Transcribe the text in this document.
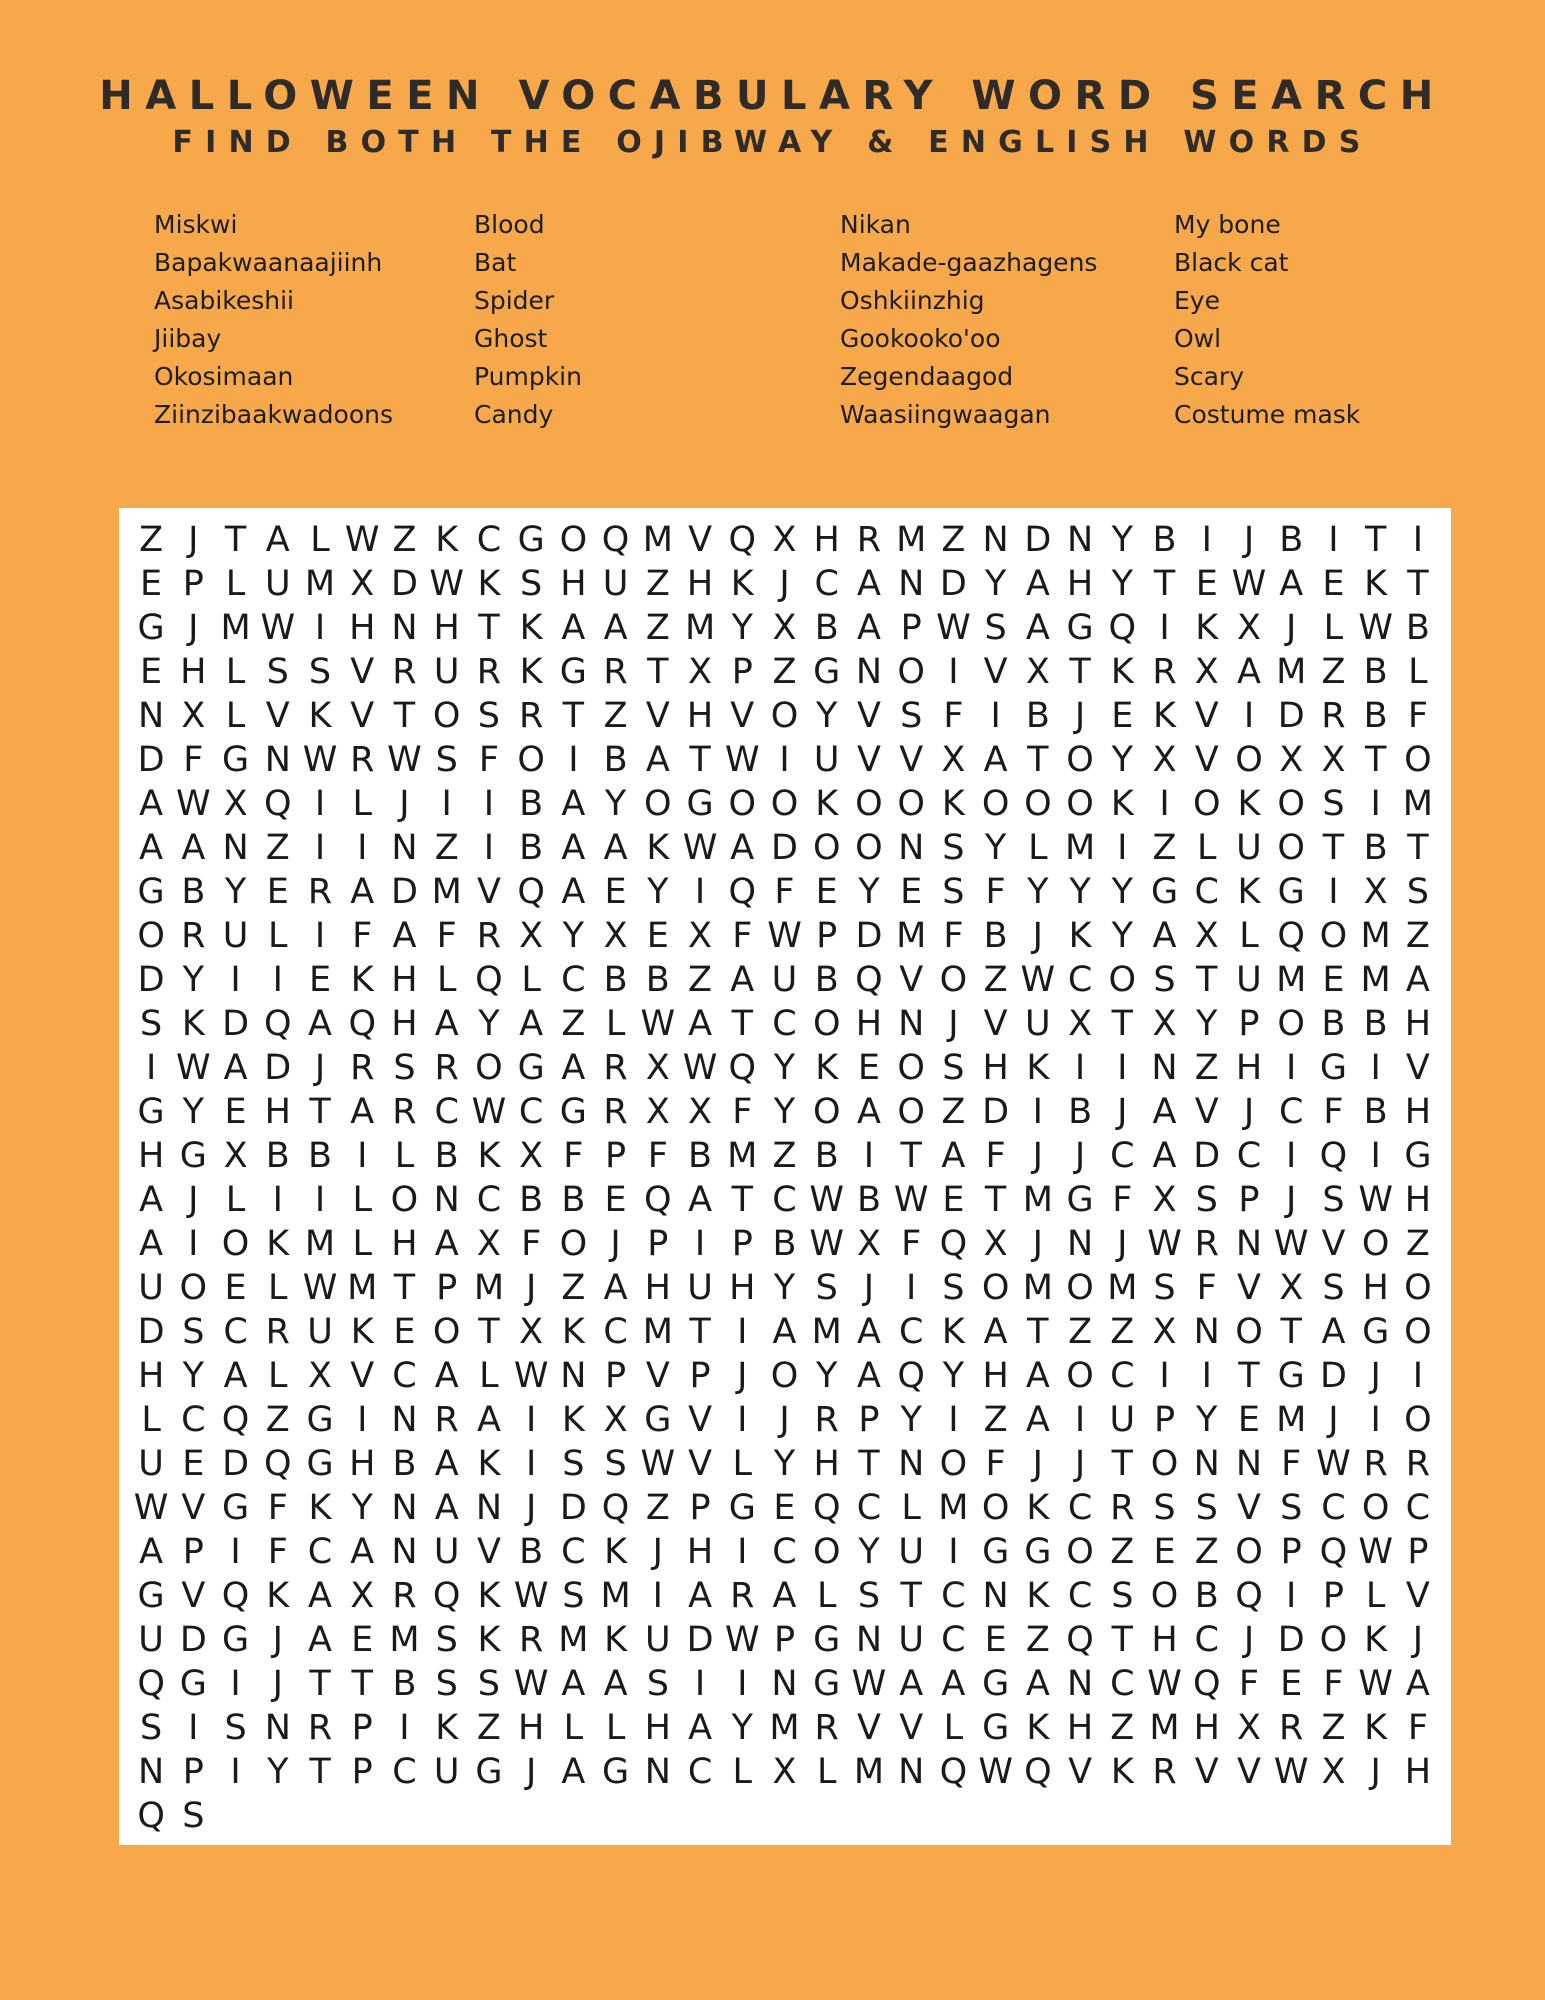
HALLOWEEN VOCABULARY WORD SEARCH
FIND BOTH THE OJIBWAY & ENGLISH WORDS
Miskwi
Bapakwaanaajiinh
Asabikeshii
Jiibay
Okosimaan
Ziinzibaakwadoons
Blood
Bat
Spider
Ghost
Pumpkin
Candy
Nikan
Makade-gaazhagens
Oshkiinzhig
Gookooko'oo
Zegendaagod
Waasiingwaagan
My bone
Black cat
Eye
Owl
Scary
Costume mask
Z J T A L W Z K C G O Q M V Q X H R M Z N D N Y B I J B I T I
E P L U M X D W K S H U Z H K J C A N D Y A H Y T E W A E K T
G J M W I H N H T K A A Z M Y X B A P W S A G Q I K X J L W B
E H L S S V R U R K G R T X P Z G N O I V X T K R X A M Z B L
N X L V K V T O S R T Z V H V O Y V S F I B J E K V I D R B F
D F G N W R W S F O I B A T W I U V V X A T O Y X V O X X T O
A W X Q I L J I I B A Y O G O O K O O K O O O K I O K O S I M
A A N Z I I N Z I B A A K W A D O O N S Y L M I Z L U O T B T
G B Y E R A D M V Q A E Y I Q F E Y E S F Y Y Y G C K G I X S
O R U L I F A F R X Y X E X F W P D M F B J K Y A X L Q O M Z
D Y I I E K H L Q L C B B Z A U B Q V O Z W C O S T U M E M A
S K D Q A Q H A Y A Z L W A T C O H N J V U X T X Y P O B B H
I W A D J R S R O G A R X W Q Y K E O S H K I I N Z H I G I V
G Y E H T A R C W C G R X X F Y O A O Z D I B J A V J C F B H
H G X B B I L B K X F P F B M Z B I T A F J J C A D C I Q I G
A J L I I L O N C B B E Q A T C W B W E T M G F X S P J S W H
A I O K M L H A X F O J P I P B W X F Q X J N J W R N W V O Z
U O E L W M T P M J Z A H U H Y S J I S O M O M S F V X S H O
D S C R U K E O T X K C M T I A M A C K A T Z Z X N O T A G O
H Y A L X V C A L W N P V P J O Y A Q Y H A O C I I T G D J I
L C Q Z G I N R A I K X G V I J R P Y I Z A I U P Y E M J I O
U E D Q G H B A K I S S W V L Y H T N O F J J T O N N F W R R
W V G F K Y N A N J D Q Z P G E Q C L M O K C R S S V S C O C
A P I F C A N U V B C K J H I C O Y U I G G O Z E Z O P Q W P
G V Q K A X R Q K W S M I A R A L S T C N K C S O B Q I P L V
U D G J A E M S K R M K U D W P G N U C E Z Q T H C J D O K J
Q G I J T T B S S W A A S I I N G W A A G A N C W Q F E F W A
S I S N R P I K Z H L L H A Y M R V V L G K H Z M H X R Z K F
N P I Y T P C U G J A G N C L X L M N Q W Q V K R V V W X J H
Q S
